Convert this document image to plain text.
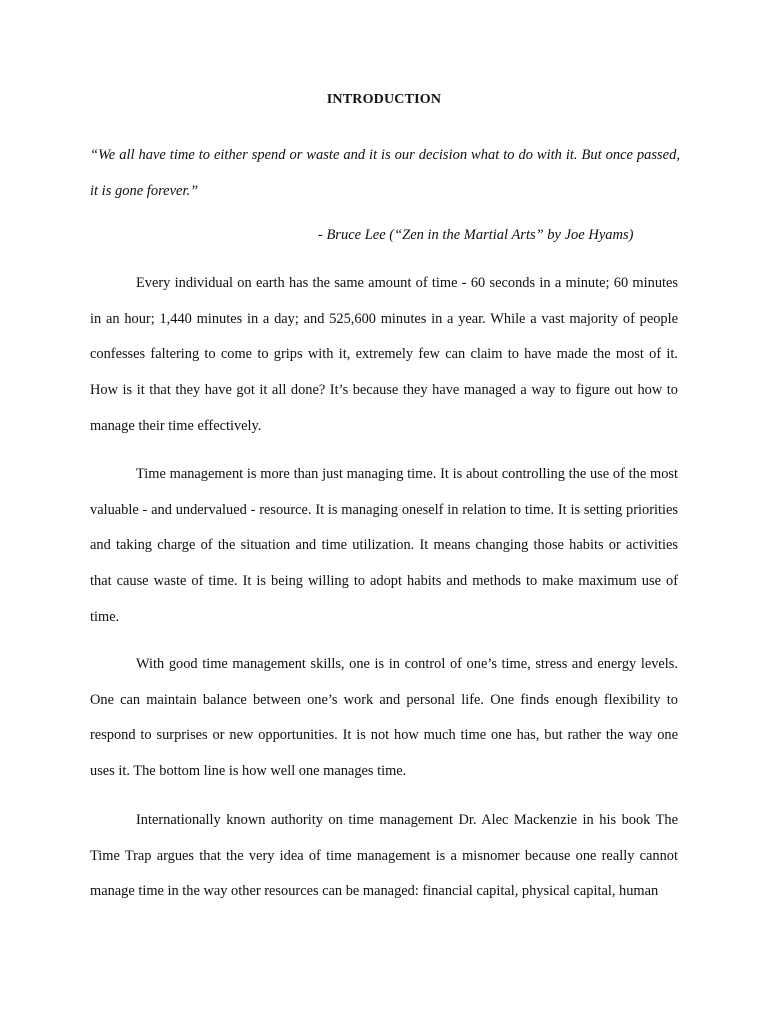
INTRODUCTION
“We all have time to either spend or waste and it is our decision what to do with it. But once passed, it is gone forever.”
- Bruce Lee (“Zen in the Martial Arts” by Joe Hyams)

Every individual on earth has the same amount of time - 60 seconds in a minute; 60 minutes in an hour; 1,440 minutes in a day; and 525,600 minutes in a year. While a vast majority of people confesses faltering to come to grips with it, extremely few can claim to have made the most of it. How is it that they have got it all done? It’s because they have managed a way to figure out how to manage their time effectively.

Time management is more than just managing time. It is about controlling the use of the most valuable - and undervalued - resource. It is managing oneself in relation to time. It is setting priorities and taking charge of the situation and time utilization. It means changing those habits or activities that cause waste of time. It is being willing to adopt habits and methods to make maximum use of time.

With good time management skills, one is in control of one’s time, stress and energy levels. One can maintain balance between one’s work and personal life. One finds enough flexibility to respond to surprises or new opportunities. It is not how much time one has, but rather the way one uses it. The bottom line is how well one manages time.

Internationally known authority on time management Dr. Alec Mackenzie in his book The Time Trap argues that the very idea of time management is a misnomer because one really cannot manage time in the way other resources can be managed: financial capital, physical capital, human
